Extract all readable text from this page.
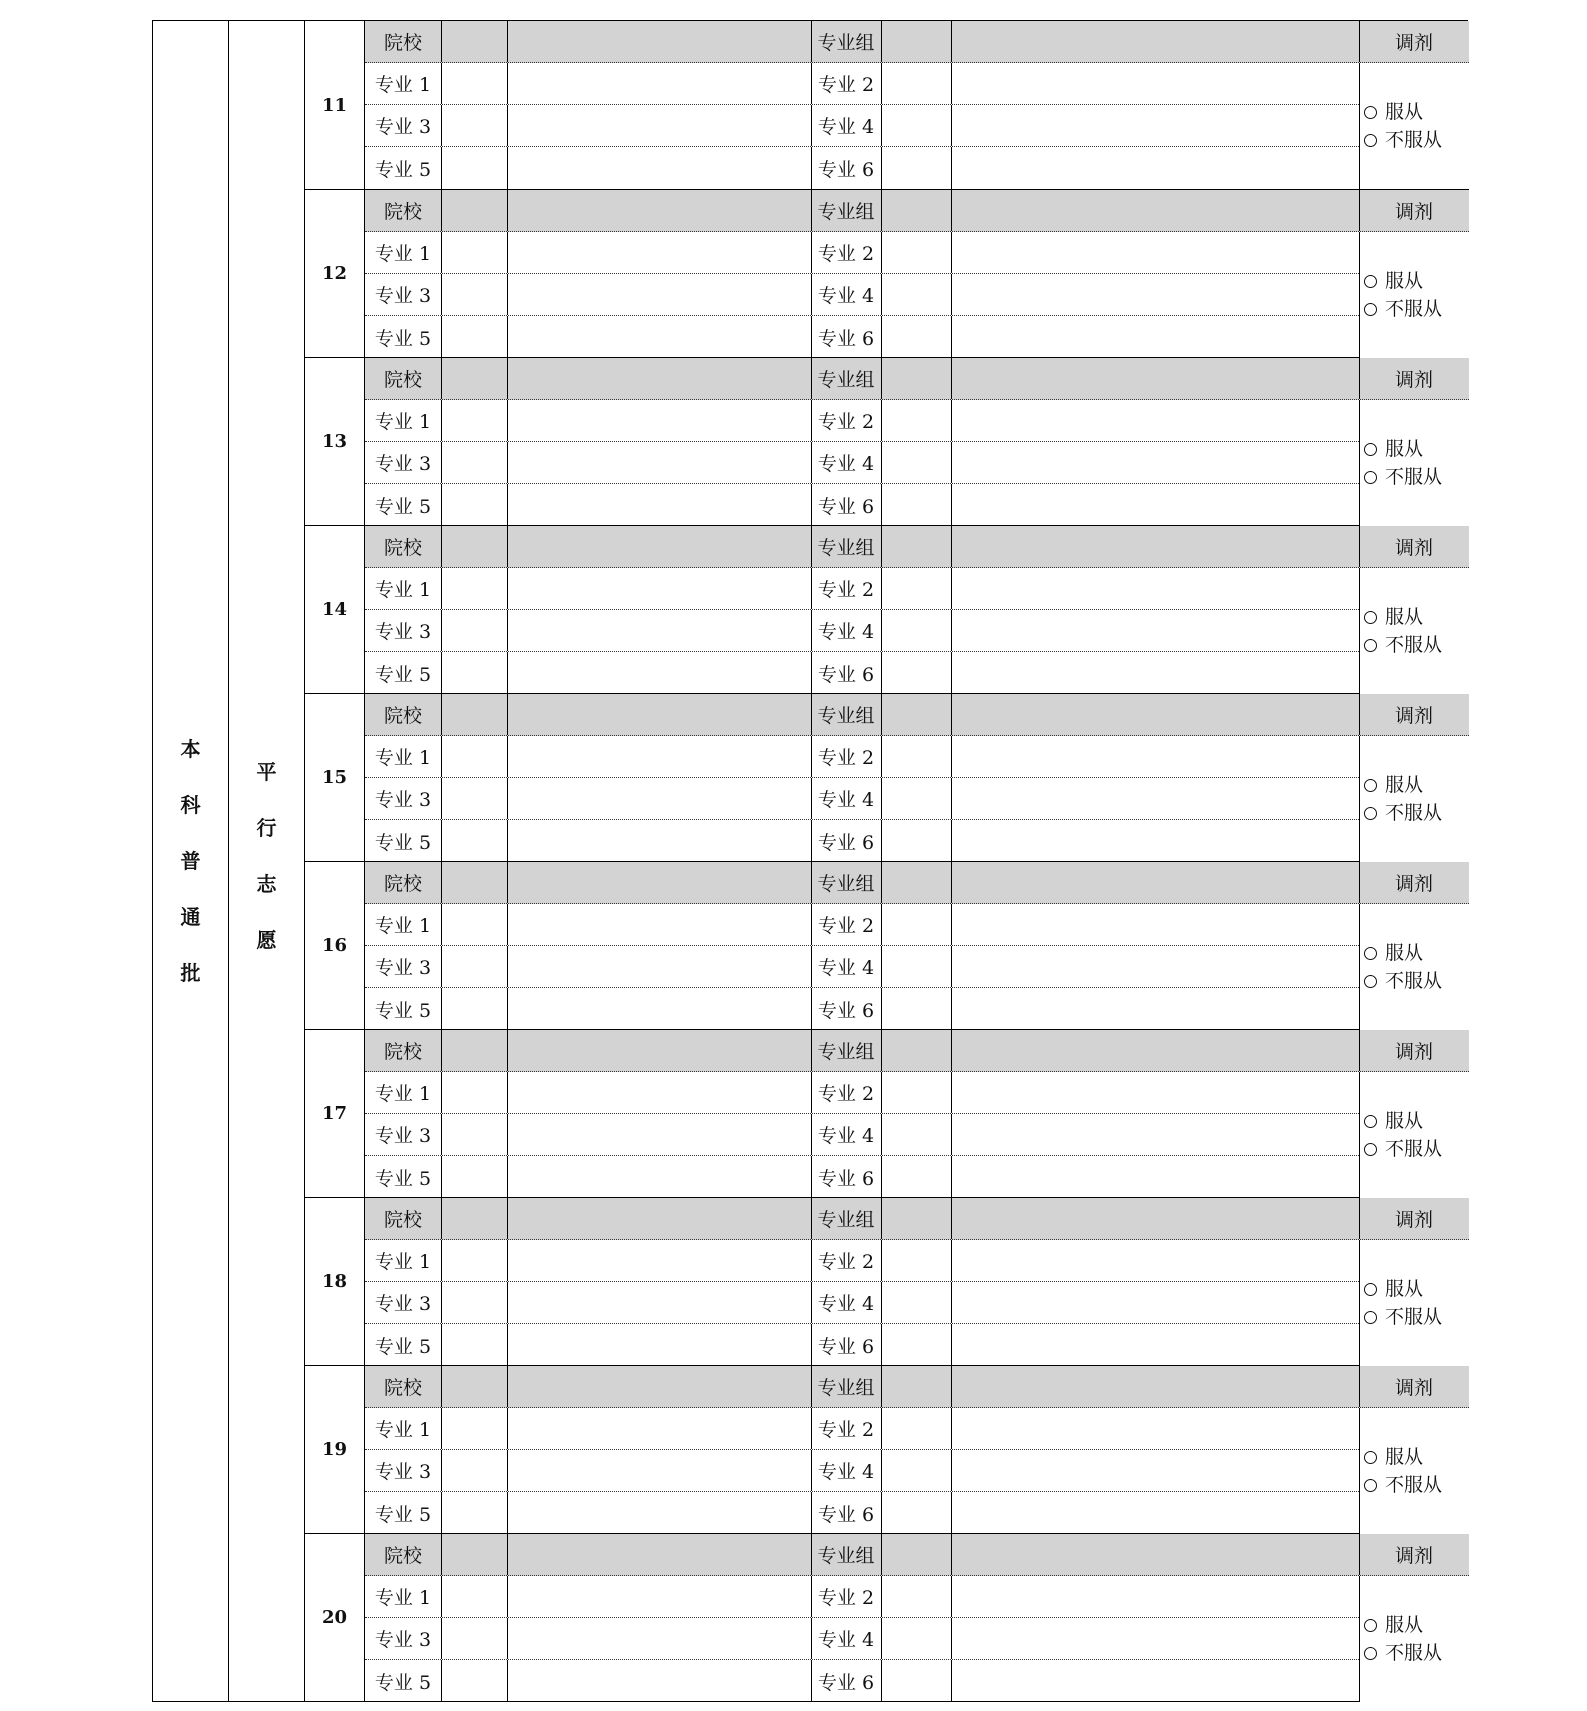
本
科
普
通
批
平
行
志
愿
11
院校	专业组	调剂
专业 1	专业 2
专业 3	专业 4
专业 5	专业 6
服从
不服从
12
院校	专业组	调剂
专业 1	专业 2
专业 3	专业 4
专业 5	专业 6
服从
不服从
13
院校	专业组	调剂
专业 1	专业 2
专业 3	专业 4
专业 5	专业 6
服从
不服从
14
院校	专业组	调剂
专业 1	专业 2
专业 3	专业 4
专业 5	专业 6
服从
不服从
15
院校	专业组	调剂
专业 1	专业 2
专业 3	专业 4
专业 5	专业 6
服从
不服从
16
院校	专业组	调剂
专业 1	专业 2
专业 3	专业 4
专业 5	专业 6
服从
不服从
17
院校	专业组	调剂
专业 1	专业 2
专业 3	专业 4
专业 5	专业 6
服从
不服从
18
院校	专业组	调剂
专业 1	专业 2
专业 3	专业 4
专业 5	专业 6
服从
不服从
19
院校	专业组	调剂
专业 1	专业 2
专业 3	专业 4
专业 5	专业 6
服从
不服从
20
院校	专业组	调剂
专业 1	专业 2
专业 3	专业 4
专业 5	专业 6
服从
不服从
